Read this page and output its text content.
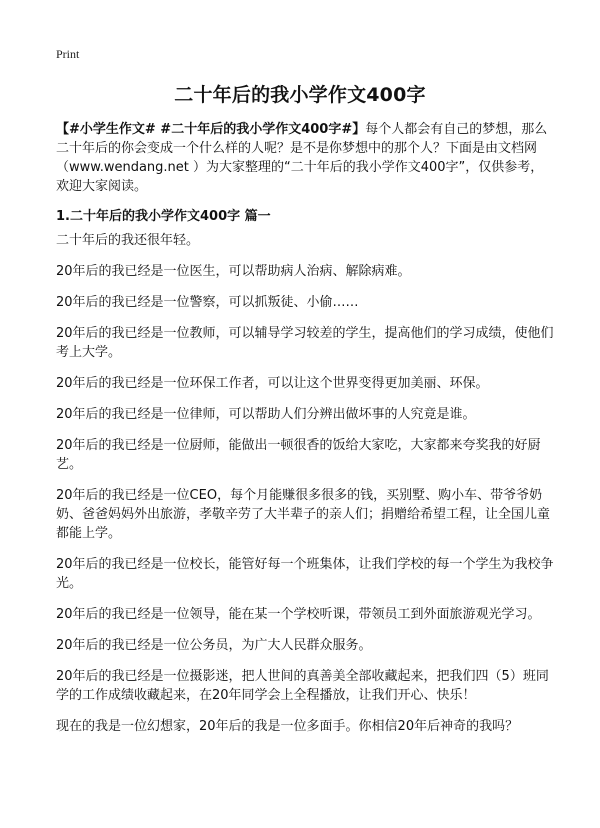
Print
二十年后的我小学作文400字
【#小学生作文# #二十年后的我小学作文400字#】每个人都会有自己的梦想，那么二十年后的你会变成一个什么样的人呢？是不是你梦想中的那个人？下面是由文档网（www.wendang.net ）为大家整理的“二十年后的我小学作文400字”，仅供参考，欢迎大家阅读。
1.二十年后的我小学作文400字 篇一

二十年后的我还很年轻。

20年后的我已经是一位医生，可以帮助病人治病、解除病难。

20年后的我已经是一位警察，可以抓叛徒、小偷……

20年后的我已经是一位教师，可以辅导学习较差的学生，提高他们的学习成绩，使他们考上大学。

20年后的我已经是一位环保工作者，可以让这个世界变得更加美丽、环保。

20年后的我已经是一位律师，可以帮助人们分辨出做坏事的人究竟是谁。

20年后的我已经是一位厨师，能做出一顿很香的饭给大家吃，大家都来夸奖我的好厨艺。

20年后的我已经是一位CEO，每个月能赚很多很多的钱，买别墅、购小车、带爷爷奶奶、爸爸妈妈外出旅游，孝敬辛劳了大半辈子的亲人们；捐赠给希望工程，让全国儿童都能上学。

20年后的我已经是一位校长，能管好每一个班集体，让我们学校的每一个学生为我校争光。

20年后的我已经是一位领导，能在某一个学校听课，带领员工到外面旅游观光学习。

20年后的我已经是一位公务员，为广大人民群众服务。

20年后的我已经是一位摄影迷，把人世间的真善美全部收藏起来，把我们四（5）班同学的工作成绩收藏起来，在20年同学会上全程播放，让我们开心、快乐！

现在的我是一位幻想家，20年后的我是一位多面手。你相信20年后神奇的我吗？
